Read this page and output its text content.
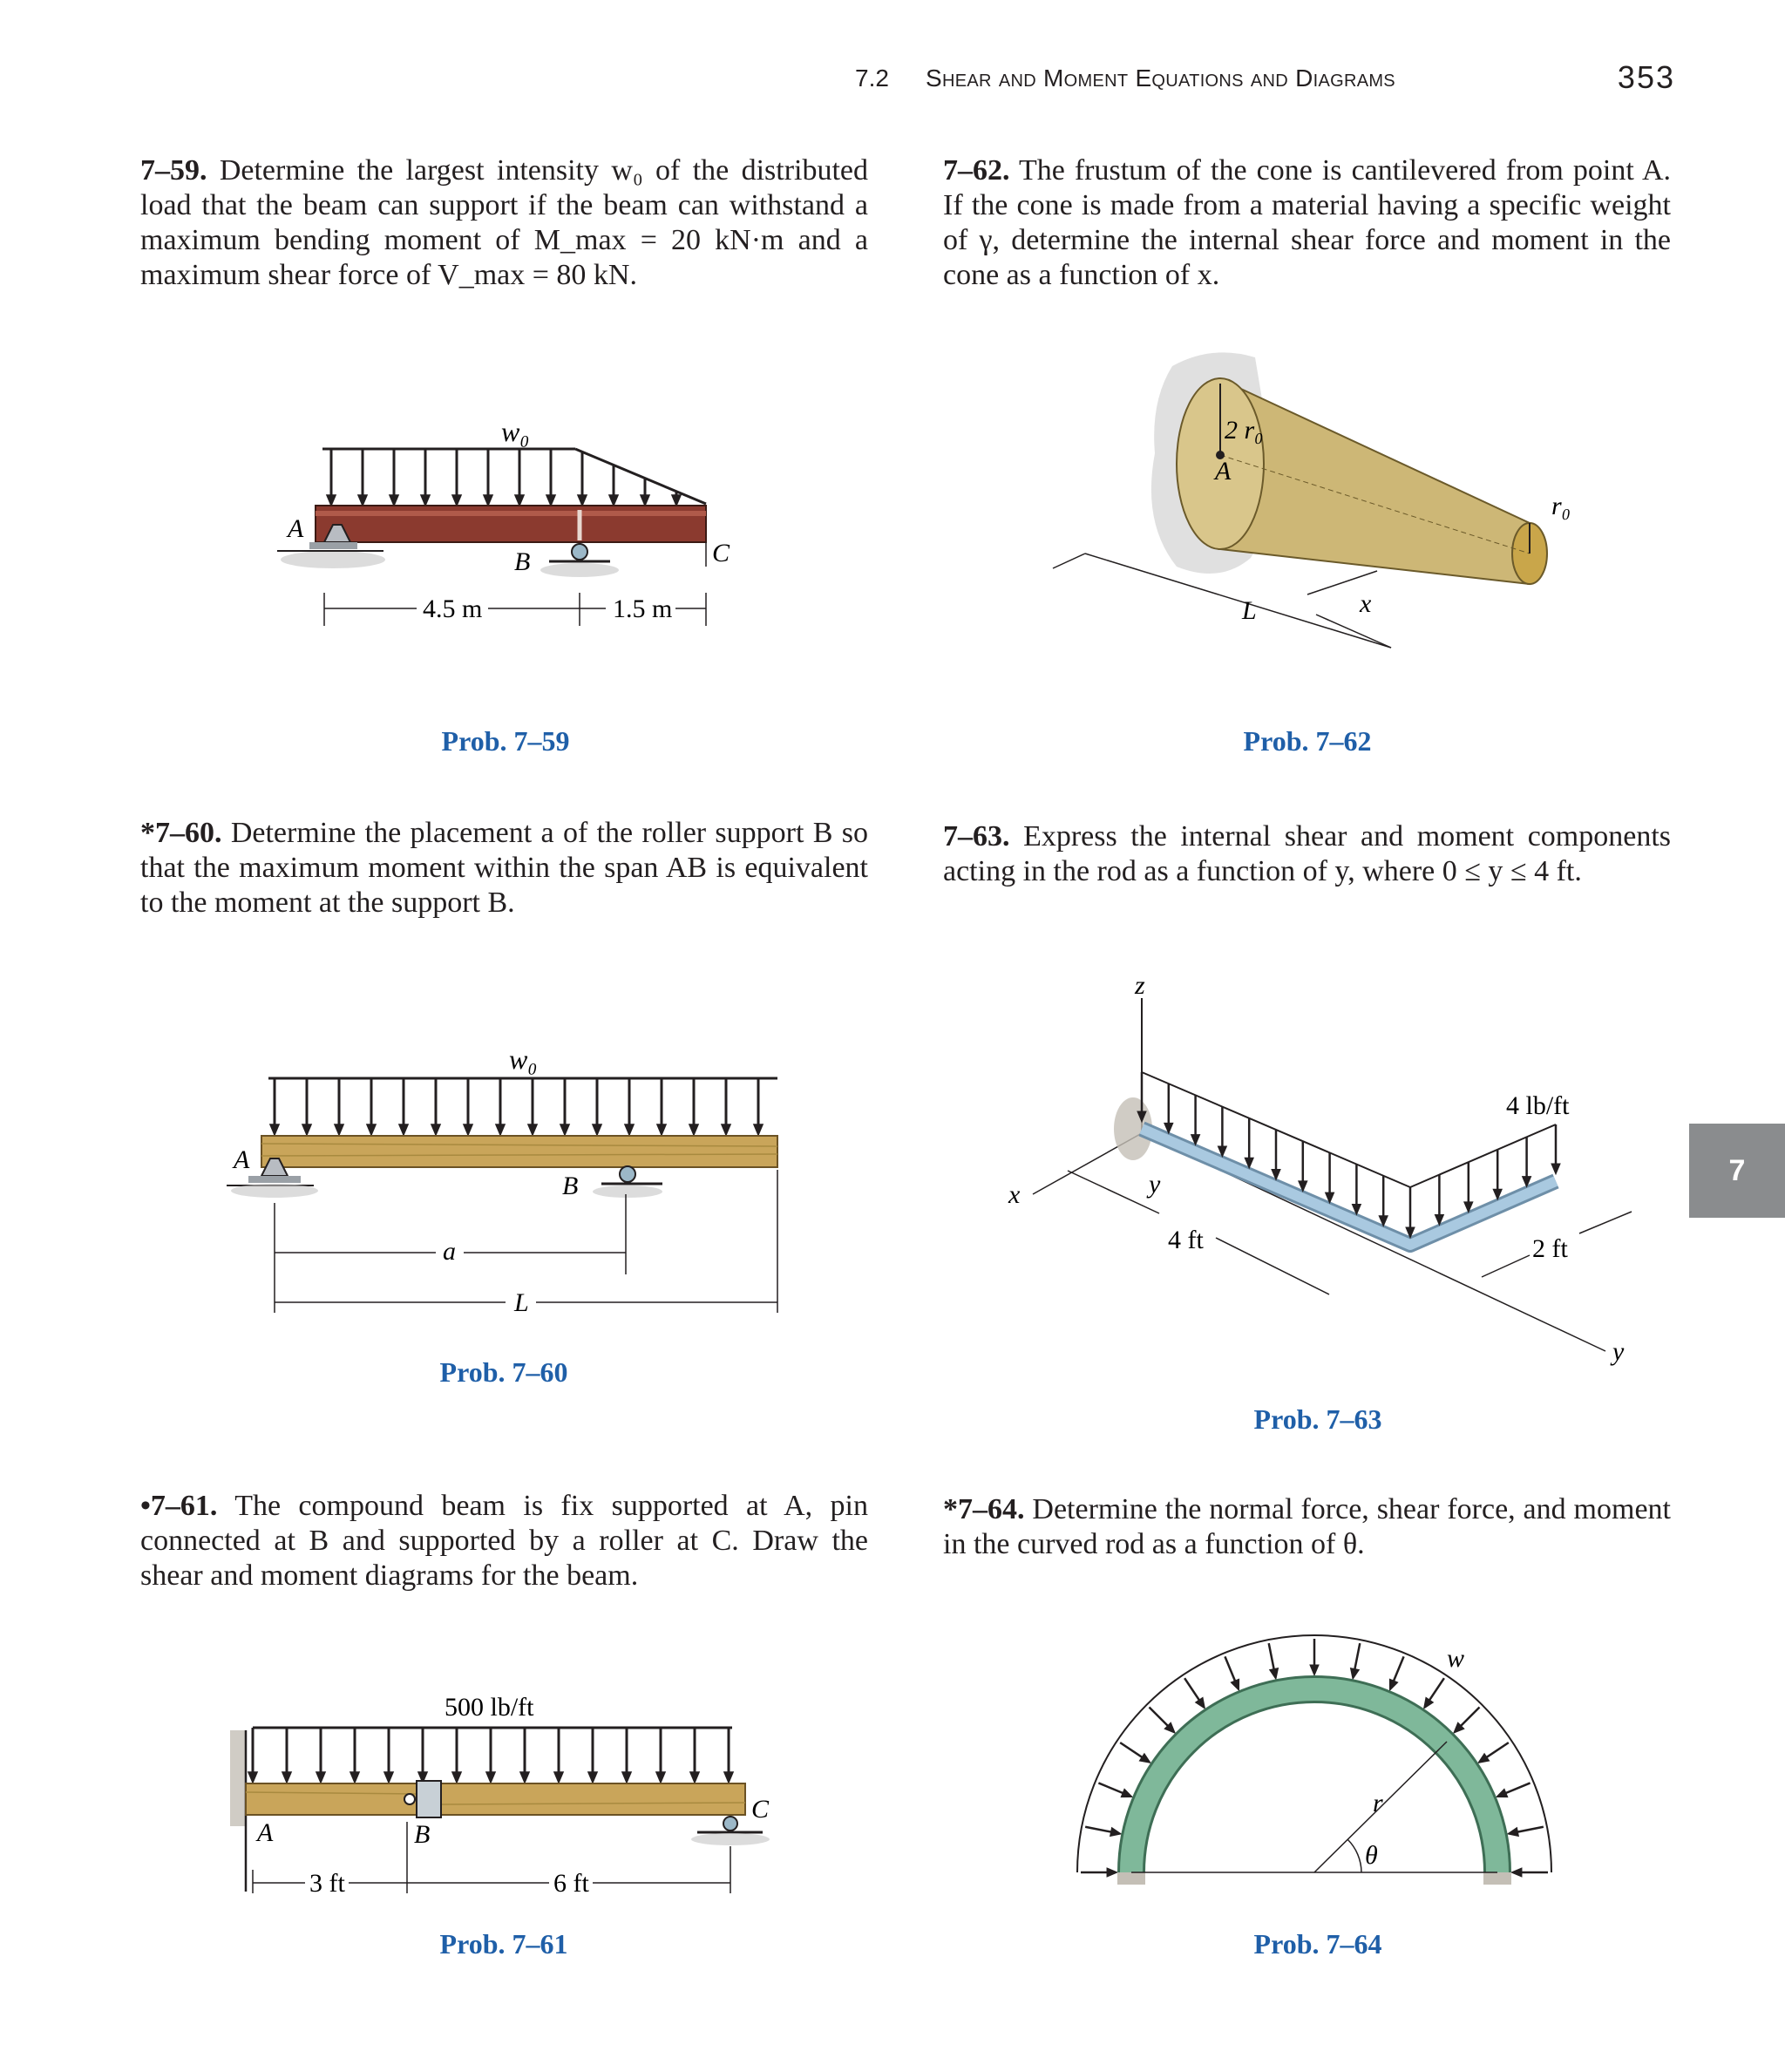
7.2 Shear and Moment Equations and Diagrams	353
7–59. Determine the largest intensity w₀ of the distributed load that the beam can support if the beam can withstand a maximum bending moment of M_max = 20 kN·m and a maximum shear force of V_max = 80 kN.
7–62. The frustum of the cone is cantilevered from point A. If the cone is made from a material having a specific weight of γ, determine the internal shear force and moment in the cone as a function of x.
*7–60. Determine the placement a of the roller support B so that the maximum moment within the span AB is equivalent to the moment at the support B.
7–63. Express the internal shear and moment components acting in the rod as a function of y, where 0 ≤ y ≤ 4 ft.
•7–61. The compound beam is fix supported at A, pin connected at B and supported by a roller at C. Draw the shear and moment diagrams for the beam.
*7–64. Determine the normal force, shear force, and moment in the curved rod as a function of θ.
w₀
A
B	C
4.5 m	1.5 m
Prob. 7–59
2 r₀
A
r₀
L	x
Prob. 7–62
w₀
A
B
a
L
Prob. 7–60
z
x	y
y
4 lb/ft
4 ft	2 ft
Prob. 7–63
500 lb/ft
A	B
C
3 ft	6 ft
Prob. 7–61
w
r
θ
Prob. 7–64
7
